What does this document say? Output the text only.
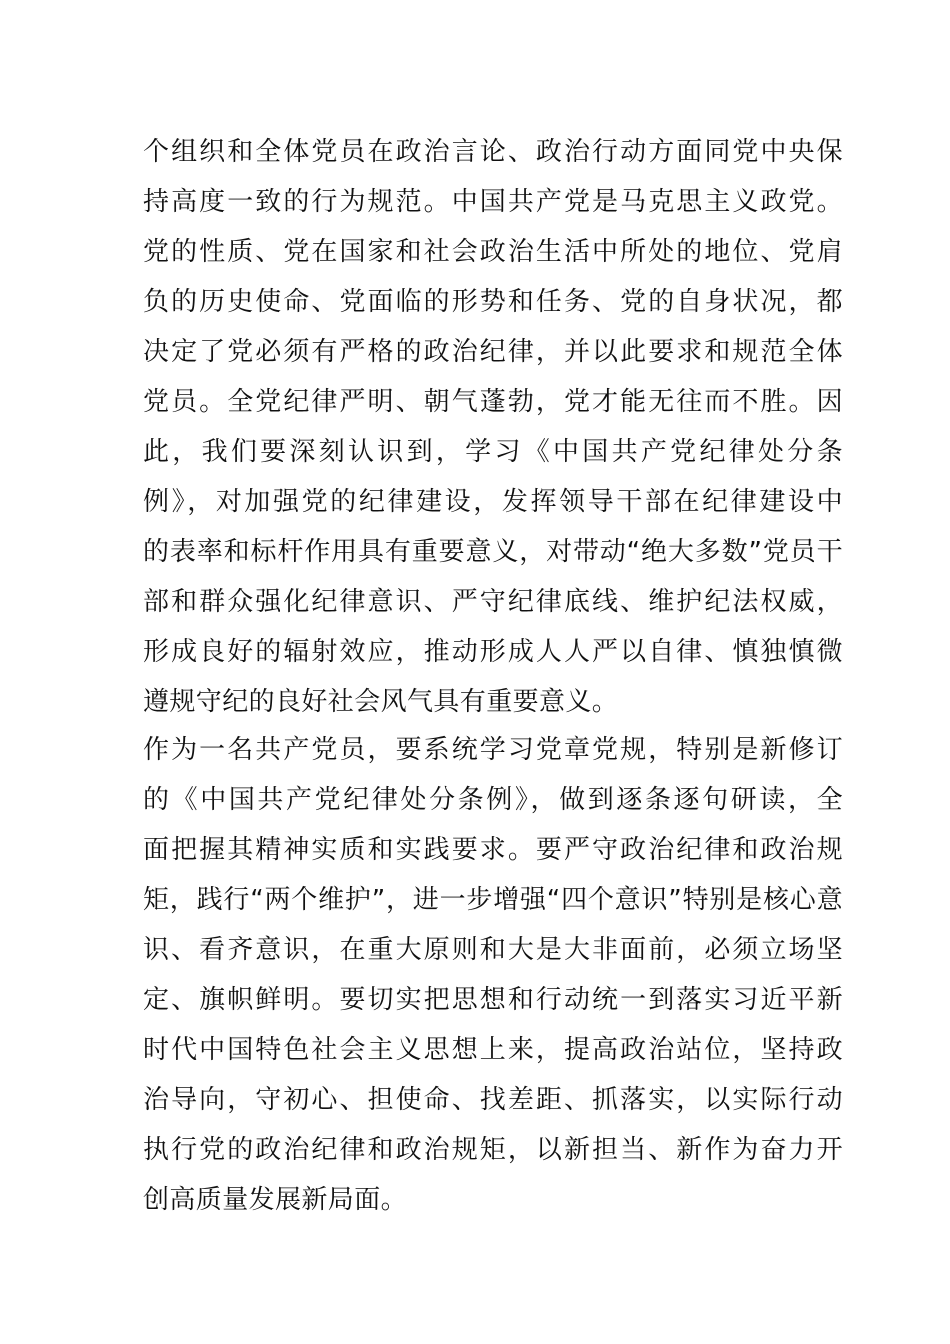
个组织和全体党员在政治言论、政治行动方面同党中央保
持高度一致的行为规范。中国共产党是马克思主义政党。
党的性质、党在国家和社会政治生活中所处的地位、党肩
负的历史使命、党面临的形势和任务、党的自身状况，都
决定了党必须有严格的政治纪律，并以此要求和规范全体
党员。全党纪律严明、朝气蓬勃，党才能无往而不胜。因
此，我们要深刻认识到，学习《中国共产党纪律处分条
例》，对加强党的纪律建设，发挥领导干部在纪律建设中
的表率和标杆作用具有重要意义，对带动“绝大多数”党员干
部和群众强化纪律意识、严守纪律底线、维护纪法权威，
形成良好的辐射效应，推动形成人人严以自律、慎独慎微
遵规守纪的良好社会风气具有重要意义。
作为一名共产党员，要系统学习党章党规，特别是新修订
的《中国共产党纪律处分条例》，做到逐条逐句研读，全
面把握其精神实质和实践要求。要严守政治纪律和政治规
矩，践行“两个维护”，进一步增强“四个意识”特别是核心意
识、看齐意识，在重大原则和大是大非面前，必须立场坚
定、旗帜鲜明。要切实把思想和行动统一到落实习近平新
时代中国特色社会主义思想上来，提高政治站位，坚持政
治导向，守初心、担使命、找差距、抓落实，以实际行动
执行党的政治纪律和政治规矩，以新担当、新作为奋力开
创高质量发展新局面。
